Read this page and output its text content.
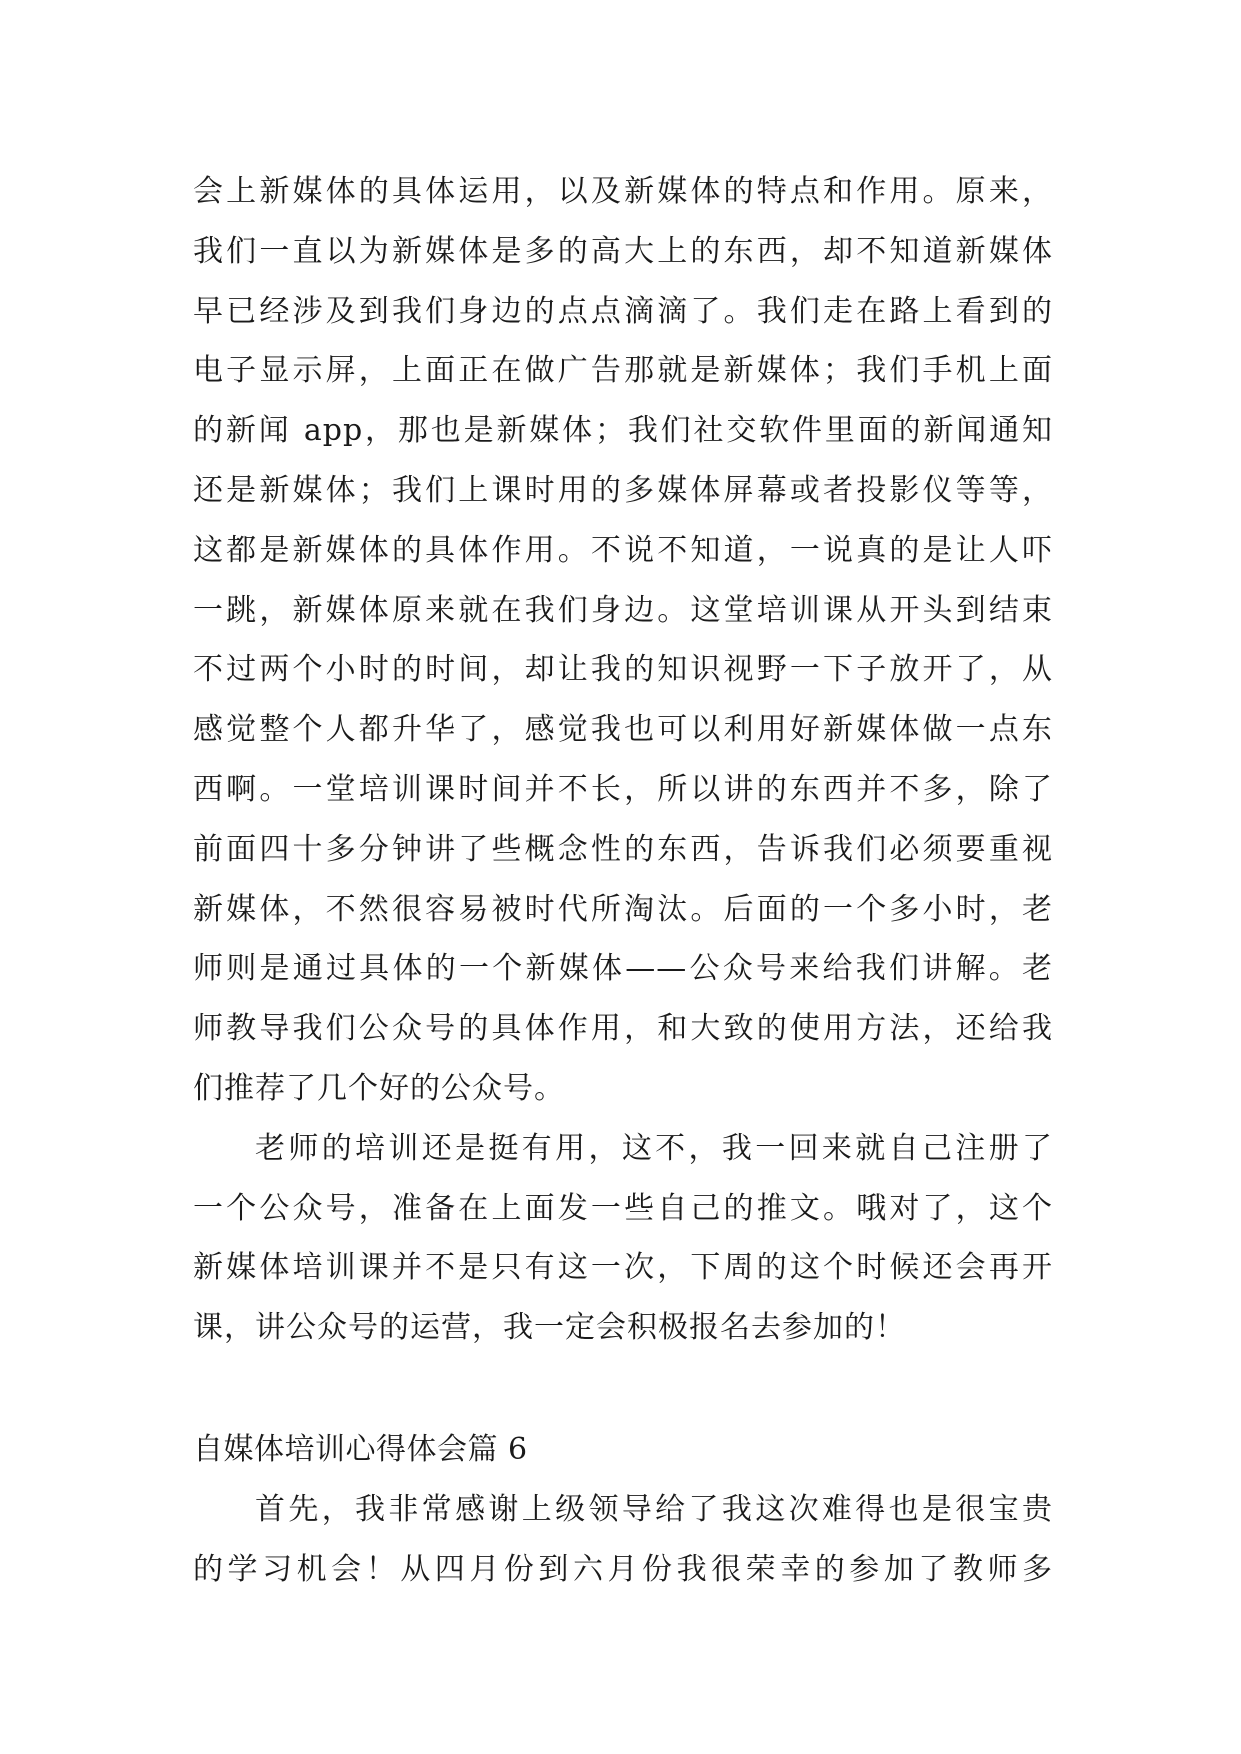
会上新媒体的具体运用，以及新媒体的特点和作用。原来，
我们一直以为新媒体是多的高大上的东西，却不知道新媒体
早已经涉及到我们身边的点点滴滴了。我们走在路上看到的
电子显示屏，上面正在做广告那就是新媒体；我们手机上面
的新闻 app，那也是新媒体；我们社交软件里面的新闻通知
还是新媒体；我们上课时用的多媒体屏幕或者投影仪等等，
这都是新媒体的具体作用。不说不知道，一说真的是让人吓
一跳，新媒体原来就在我们身边。这堂培训课从开头到结束
不过两个小时的时间，却让我的知识视野一下子放开了，从
感觉整个人都升华了，感觉我也可以利用好新媒体做一点东
西啊。一堂培训课时间并不长，所以讲的东西并不多，除了
前面四十多分钟讲了些概念性的东西，告诉我们必须要重视
新媒体，不然很容易被时代所淘汰。后面的一个多小时，老
师则是通过具体的一个新媒体——公众号来给我们讲解。老
师教导我们公众号的具体作用，和大致的使用方法，还给我
们推荐了几个好的公众号。
老师的培训还是挺有用，这不，我一回来就自己注册了
一个公众号，准备在上面发一些自己的推文。哦对了，这个
新媒体培训课并不是只有这一次，下周的这个时候还会再开
课，讲公众号的运营，我一定会积极报名去参加的！
自媒体培训心得体会篇 6
首先，我非常感谢上级领导给了我这次难得也是很宝贵
的学习机会！从四月份到六月份我很荣幸的参加了教师多
